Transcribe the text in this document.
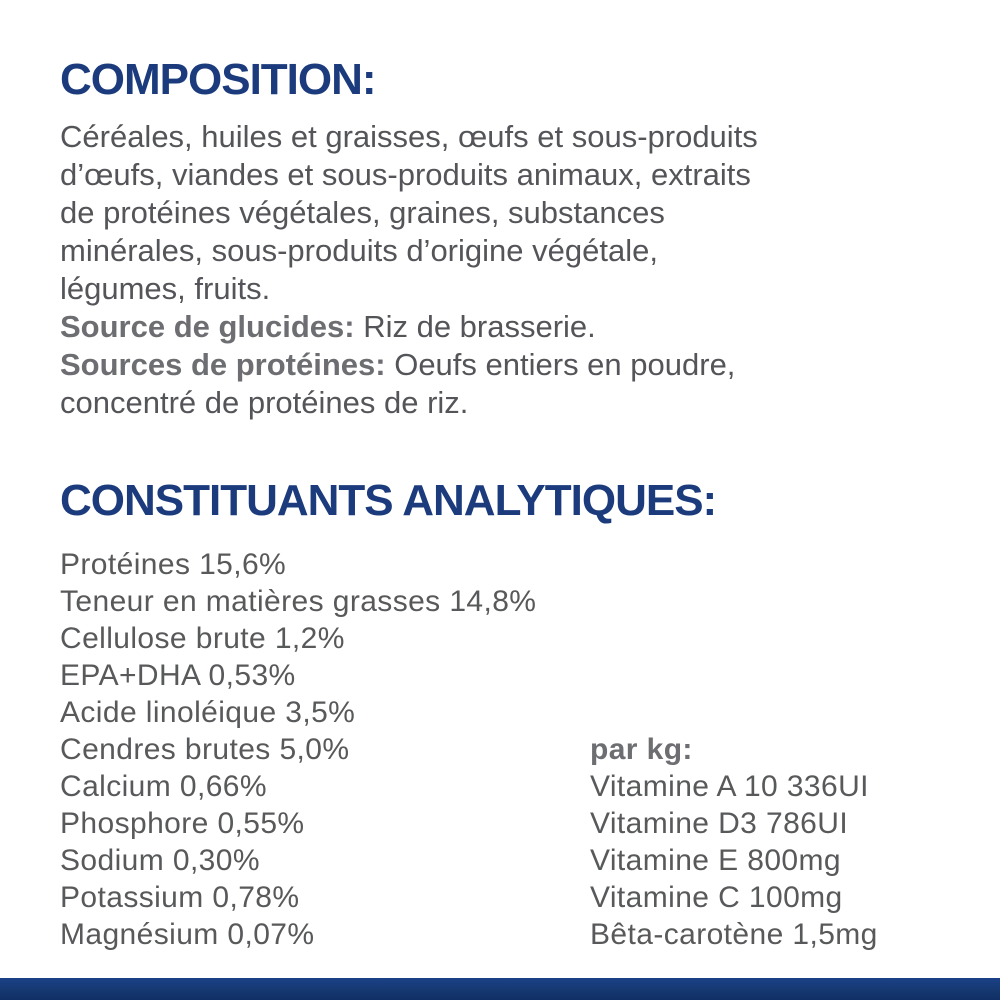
COMPOSITION:
Céréales, huiles et graisses, œufs et sous-produits
d’œufs, viandes et sous-produits animaux, extraits
de protéines végétales, graines, substances
minérales, sous-produits d’origine végétale,
légumes, fruits.
Source de glucides: Riz de brasserie.
Sources de protéines: Oeufs entiers en poudre,
concentré de protéines de riz.
CONSTITUANTS ANALYTIQUES:
Protéines 15,6%
Teneur en matières grasses 14,8%
Cellulose brute 1,2%
EPA+DHA 0,53%
Acide linoléique 3,5%
Cendres brutes 5,0%
Calcium 0,66%
Phosphore 0,55%
Sodium 0,30%
Potassium 0,78%
Magnésium 0,07%
par kg:
Vitamine A 10 336UI
Vitamine D3 786UI
Vitamine E 800mg
Vitamine C 100mg
Bêta-carotène 1,5mg
